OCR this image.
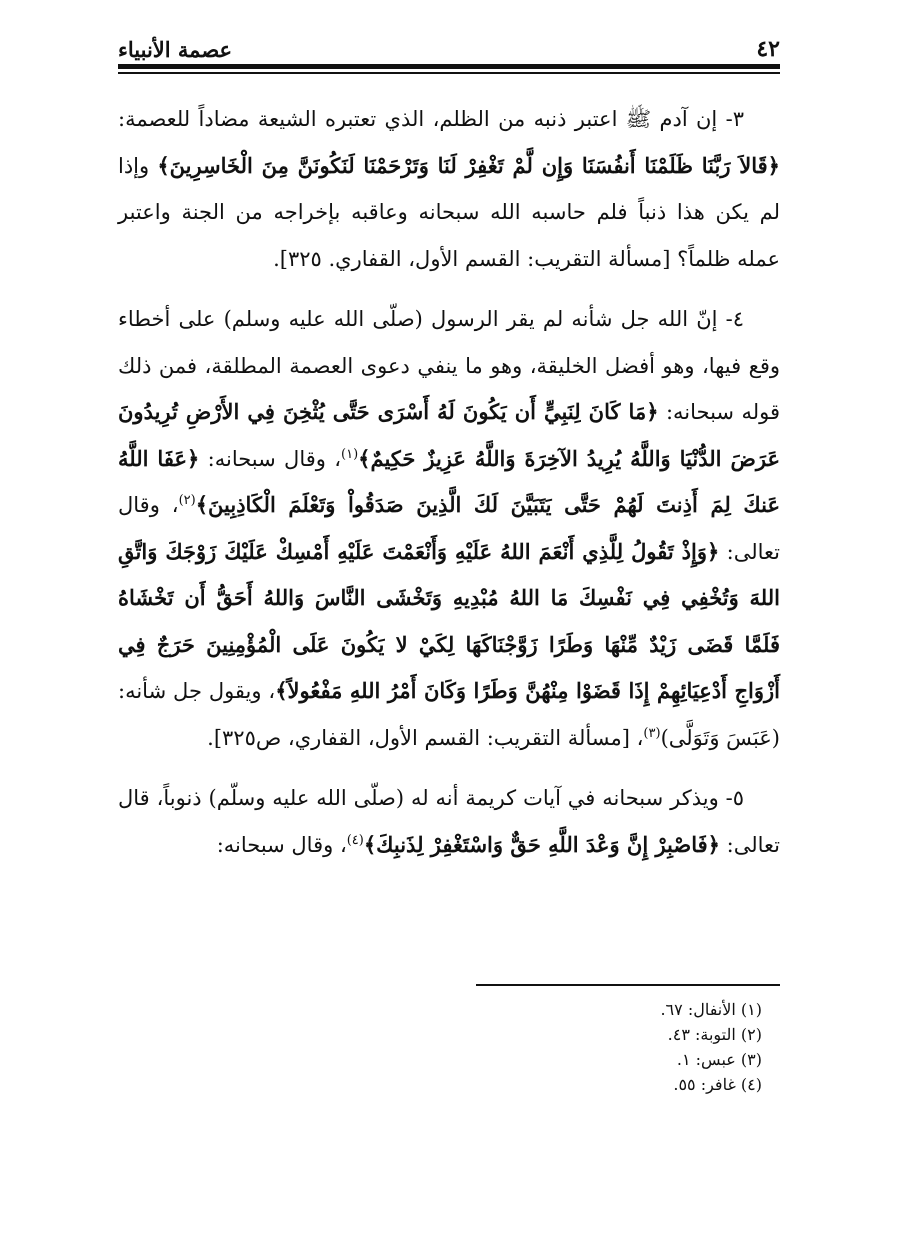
٤٢
عصمة الأنبياء

٣- إن آدم ﷺ اعتبر ذنبه من الظلم، الذي تعتبره الشيعة مضاداً للعصمة: ﴿قَالاَ رَبَّنَا ظَلَمْنَا أَنفُسَنَا وَإِن لَّمْ تَغْفِرْ لَنَا وَتَرْحَمْنَا لَنَكُونَنَّ مِنَ الْخَاسِرِينَ﴾ وإذا لم يكن هذا ذنباً فلم حاسبه الله سبحانه وعاقبه بإخراجه من الجنة واعتبر عمله ظلماً؟ [مسألة التقريب: القسم الأول، القفاري. ٣٢٥].

٤- إنّ الله جل شأنه لم يقر الرسول (صلّى الله عليه وسلم) على أخطاء وقع فيها، وهو أفضل الخليقة، وهو ما ينفي دعوى العصمة المطلقة، فمن ذلك قوله سبحانه: ﴿مَا كَانَ لِنَبِيٍّ أَن يَكُونَ لَهُ أَسْرَى حَتَّى يُثْخِنَ فِي الأَرْضِ تُرِيدُونَ عَرَضَ الدُّنْيَا وَاللَّهُ يُرِيدُ الآخِرَةَ وَاللَّهُ عَزِيزٌ حَكِيمٌ﴾$^{(١)}$، وقال سبحانه: ﴿عَفَا اللَّهُ عَنكَ لِمَ أَذِنتَ لَهُمْ حَتَّى يَتَبَيَّنَ لَكَ الَّذِينَ صَدَقُواْ وَتَعْلَمَ الْكَاذِبِينَ﴾$^{(٢)}$، وقال تعالى: ﴿وَإِذْ تَقُولُ لِلَّذِي أَنْعَمَ اللهُ عَلَيْهِ وَأَنْعَمْتَ عَلَيْهِ أَمْسِكْ عَلَيْكَ زَوْجَكَ وَاتَّقِ اللهَ وَتُخْفِي فِي نَفْسِكَ مَا اللهُ مُبْدِيهِ وَتَخْشَى النَّاسَ وَاللهُ أَحَقُّ أَن تَخْشَاهُ فَلَمَّا قَضَى زَيْدٌ مِّنْهَا وَطَرًا زَوَّجْنَاكَهَا لِكَيْ لا يَكُونَ عَلَى الْمُؤْمِنِينَ حَرَجٌ فِي أَزْوَاجِ أَدْعِيَائِهِمْ إِذَا قَضَوْا مِنْهُنَّ وَطَرًا وَكَانَ أَمْرُ اللهِ مَفْعُولاً﴾، ويقول جل شأنه: (عَبَسَ وَتَوَلَّى)$^{(٣)}$، [مسألة التقريب: القسم الأول، القفاري، ص٣٢٥].

٥- ويذكر سبحانه في آيات كريمة أنه له (صلّى الله عليه وسلّم) ذنوباً، قال تعالى: ﴿فَاصْبِرْ إِنَّ وَعْدَ اللَّهِ حَقٌّ وَاسْتَغْفِرْ لِذَنبِكَ﴾$^{(٤)}$، وقال سبحانه:

(١) الأنفال: ٦٧.

(٢) التوبة: ٤٣.

(٣) عبس: ١.

(٤) غافر: ٥٥.
